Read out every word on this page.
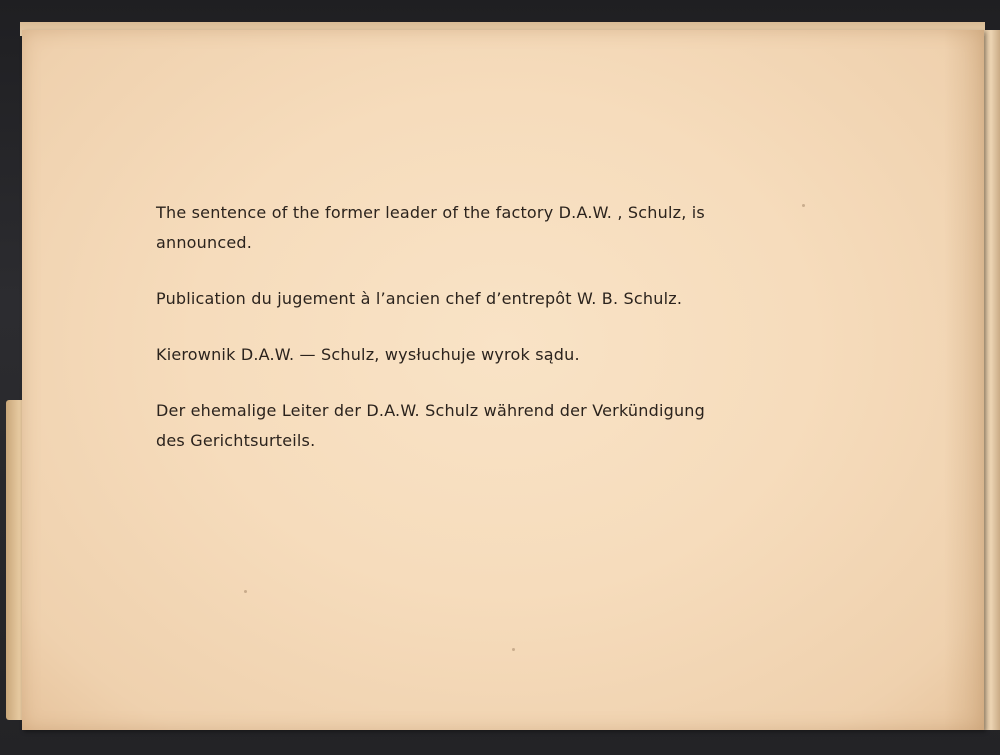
The sentence of the former leader of the factory D.A.W. , Schulz, is
announced.

Publication du jugement à l’ancien chef d’entrepôt W. B. Schulz.

Kierownik D.A.W. — Schulz, wysłuchuje wyrok sądu.

Der ehemalige Leiter der D.A.W. Schulz während der Verkündigung
des Gerichtsurteils.
